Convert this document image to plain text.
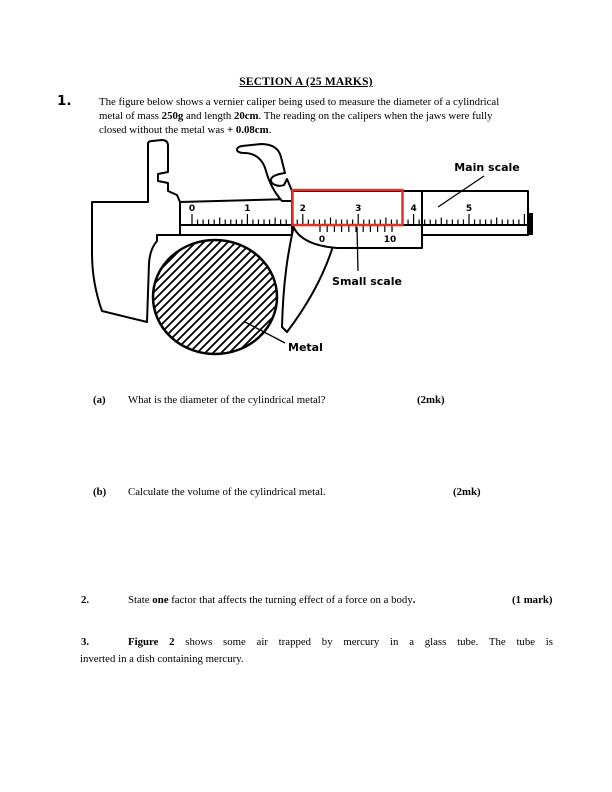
SECTION A (25 MARKS)
1.	The figure below shows a vernier caliper being used to measure the diameter of a cylindrical
metal of mass 250g and length 20cm. The reading on the calipers when the jaws were fully
closed without the metal was + 0.08cm.
0	1	2	3	4	5
0	10
Main scale
Small scale
Metal
(a) What is the diameter of the cylindrical metal?	(2mk)
(b) Calculate the volume of the cylindrical metal.	(2mk)
2.	State one factor that affects the turning effect of a force on a body.	(1 mark)
3.	Figure 2 shows some air trapped by mercury in a glass tube. The tube is
inverted in a dish containing mercury.
